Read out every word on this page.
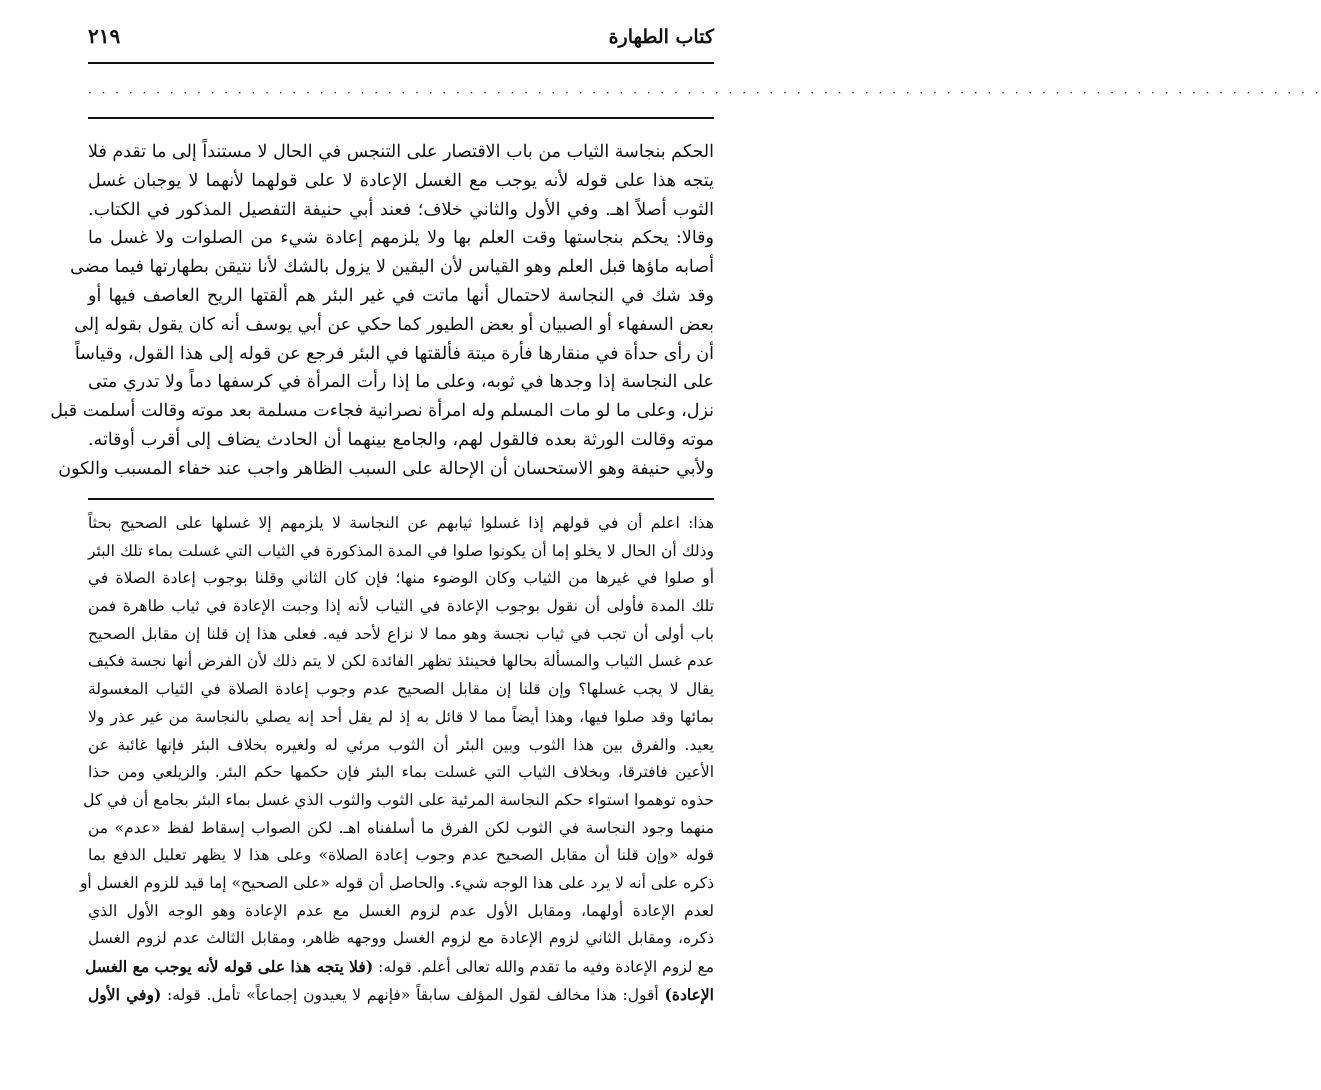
كتاب الطهارة
٢١٩
· · · · · · · · · · · · · · · · · · · · · · · · · · · · · · · · · · · · · · · · · · · · · · · · · · · · · · · · · · · · · · · · · · · · · · · · · · · · · · · · · · · · · · · · · · ·
الحكم بنجاسة الثياب من باب الاقتصار على التنجس في الحال لا مستنداً إلى ما تقدم فلا
يتجه هذا على قوله لأنه يوجب مع الغسل الإعادة لا على قولهما لأنهما لا يوجبان غسل
الثوب أصلاً اهـ. وفي الأول والثاني خلاف؛ فعند أبي حنيفة التفصيل المذكور في الكتاب.
وقالا: يحكم بنجاستها وقت العلم بها ولا يلزمهم إعادة شيء من الصلوات ولا غسل ما
أصابه ماؤها قبل العلم وهو القياس لأن اليقين لا يزول بالشك لأنا نتيقن بطهارتها فيما مضى
وقد شك في النجاسة لاحتمال أنها ماتت في غير البئر هم ألقتها الريح العاصف فيها أو
بعض السفهاء أو الصبيان أو بعض الطيور كما حكي عن أبي يوسف أنه كان يقول بقوله إلى
أن رأى حدأة في منقارها فأرة ميتة فألقتها في البئر فرجع عن قوله إلى هذا القول، وقياساً
على النجاسة إذا وجدها في ثوبه، وعلى ما إذا رأت المرأة في كرسفها دماً ولا تدري متى
نزل، وعلى ما لو مات المسلم وله امرأة نصرانية فجاءت مسلمة بعد موته وقالت أسلمت قبل
موته وقالت الورثة بعده فالقول لهم، والجامع بينهما أن الحادث يضاف إلى أقرب أوقاته.
ولأبي حنيفة وهو الاستحسان أن الإحالة على السبب الظاهر واجب عند خفاء المسبب والكون
هذا: اعلم أن في قولهم إذا غسلوا ثيابهم عن النجاسة لا يلزمهم إلا غسلها على الصحيح بحثاً
وذلك أن الحال لا يخلو إما أن يكونوا صلوا في المدة المذكورة في الثياب التي غسلت بماء تلك البئر
أو صلوا في غيرها من الثياب وكان الوضوء منها؛ فإن كان الثاني وقلنا بوجوب إعادة الصلاة في
تلك المدة فأولى أن نقول بوجوب الإعادة في الثياب لأنه إذا وجبت الإعادة في ثياب طاهرة فمن
باب أولى أن تجب في ثياب نجسة وهو مما لا نزاع لأحد فيه. فعلى هذا إن قلنا إن مقابل الصحيح
عدم غسل الثياب والمسألة بحالها فحينئذ تظهر الفائدة لكن لا يتم ذلك لأن الفرض أنها نجسة فكيف
يقال لا يجب غسلها؟ وإن قلنا إن مقابل الصحيح عدم وجوب إعادة الصلاة في الثياب المغسولة
بمائها وقد صلوا فيها، وهذا أيضاً مما لا قائل به إذ لم يقل أحد إنه يصلي بالنجاسة من غير عذر ولا
يعيد. والفرق بين هذا الثوب وبين البئر أن الثوب مرئي له ولغيره بخلاف البئر فإنها غائبة عن
الأعين فافترقا، وبخلاف الثياب التي غسلت بماء البئر فإن حكمها حكم البئر. والزيلعي ومن حذا
حذوه توهموا استواء حكم النجاسة المرئية على الثوب والثوب الذي غسل بماء البئر بجامع أن في كل
منهما وجود النجاسة في الثوب لكن الفرق ما أسلفناه اهـ. لكن الصواب إسقاط لفظ «عدم» من
قوله «وإن قلنا أن مقابل الصحيح عدم وجوب إعادة الصلاة» وعلى هذا لا يظهر تعليل الدفع بما
ذكره على أنه لا يرد على هذا الوجه شيء. والحاصل أن قوله «على الصحيح» إما قيد للزوم الغسل أو
لعدم الإعادة أولهما، ومقابل الأول عدم لزوم الغسل مع عدم الإعادة وهو الوجه الأول الذي
ذكره، ومقابل الثاني لزوم الإعادة مع لزوم الغسل ووجهه ظاهر، ومقابل الثالث عدم لزوم الغسل
مع لزوم الإعادة وفيه ما تقدم والله تعالى أعلم. قوله: (فلا يتجه هذا على قوله لأنه يوجب مع الغسل
الإعادة) أقول: هذا مخالف لقول المؤلف سابقاً «فإنهم لا يعيدون إجماعاً» تأمل. قوله: (وفي الأول
